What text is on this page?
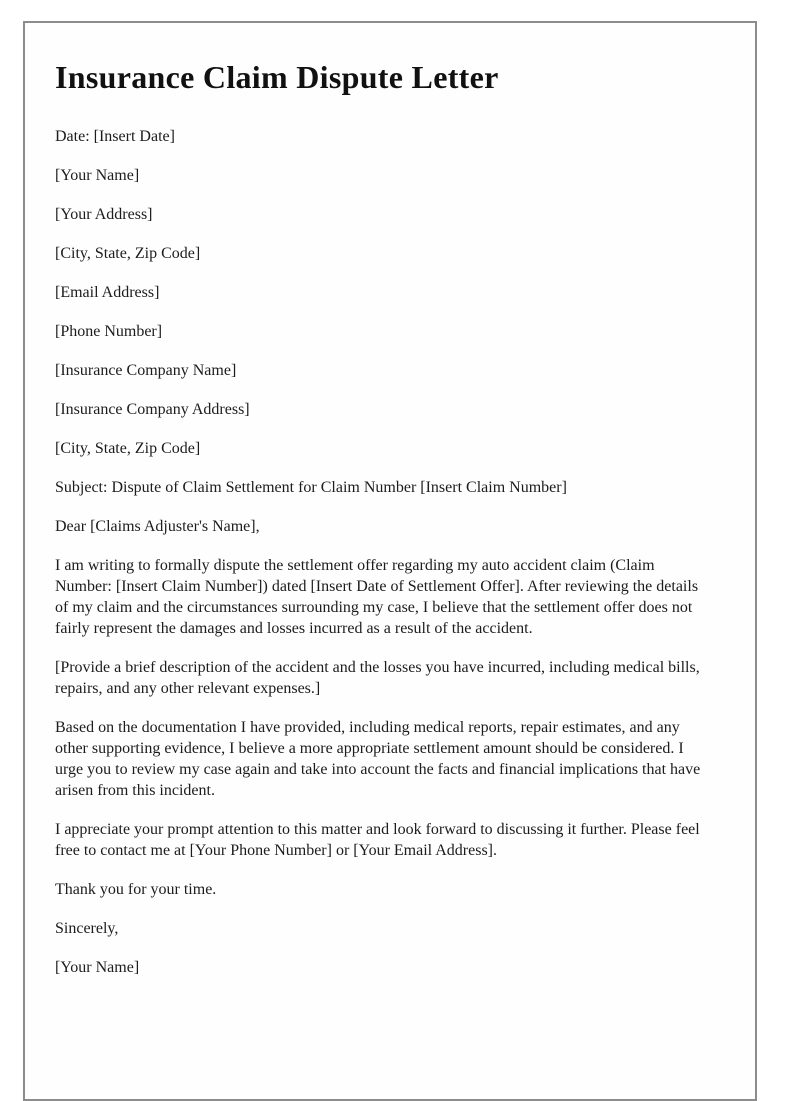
Insurance Claim Dispute Letter

Date: [Insert Date]

[Your Name]

[Your Address]

[City, State, Zip Code]

[Email Address]

[Phone Number]

[Insurance Company Name]

[Insurance Company Address]

[City, State, Zip Code]

Subject: Dispute of Claim Settlement for Claim Number [Insert Claim Number]

Dear [Claims Adjuster's Name],

I am writing to formally dispute the settlement offer regarding my auto accident claim (Claim Number: [Insert Claim Number]) dated [Insert Date of Settlement Offer]. After reviewing the details of my claim and the circumstances surrounding my case, I believe that the settlement offer does not fairly represent the damages and losses incurred as a result of the accident.

[Provide a brief description of the accident and the losses you have incurred, including medical bills, repairs, and any other relevant expenses.]

Based on the documentation I have provided, including medical reports, repair estimates, and any other supporting evidence, I believe a more appropriate settlement amount should be considered. I urge you to review my case again and take into account the facts and financial implications that have arisen from this incident.

I appreciate your prompt attention to this matter and look forward to discussing it further. Please feel free to contact me at [Your Phone Number] or [Your Email Address].

Thank you for your time.

Sincerely,

[Your Name]
